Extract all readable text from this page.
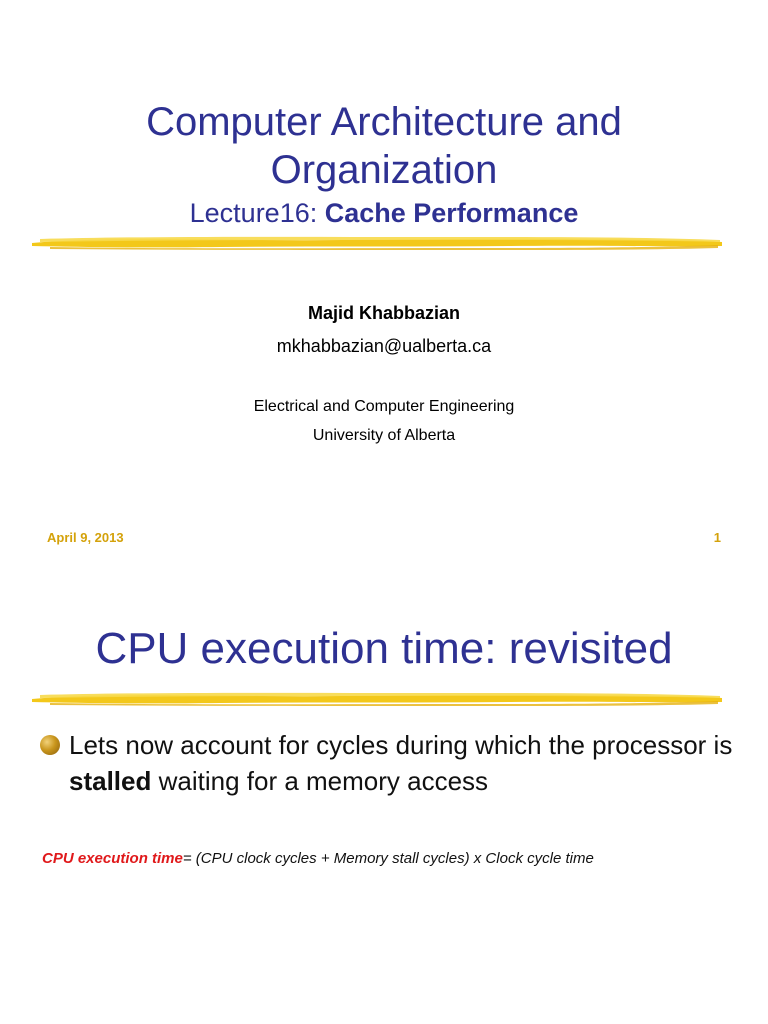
Computer Architecture and
Organization
Lecture16: Cache Performance
Majid Khabbazian
mkhabbazian@ualberta.ca
Electrical and Computer Engineering
University of Alberta
April 9, 2013	1
CPU execution time: revisited
Lets now account for cycles during which the processor is stalled waiting for a memory access
CPU execution time= (CPU clock cycles + Memory stall cycles) x Clock cycle time
